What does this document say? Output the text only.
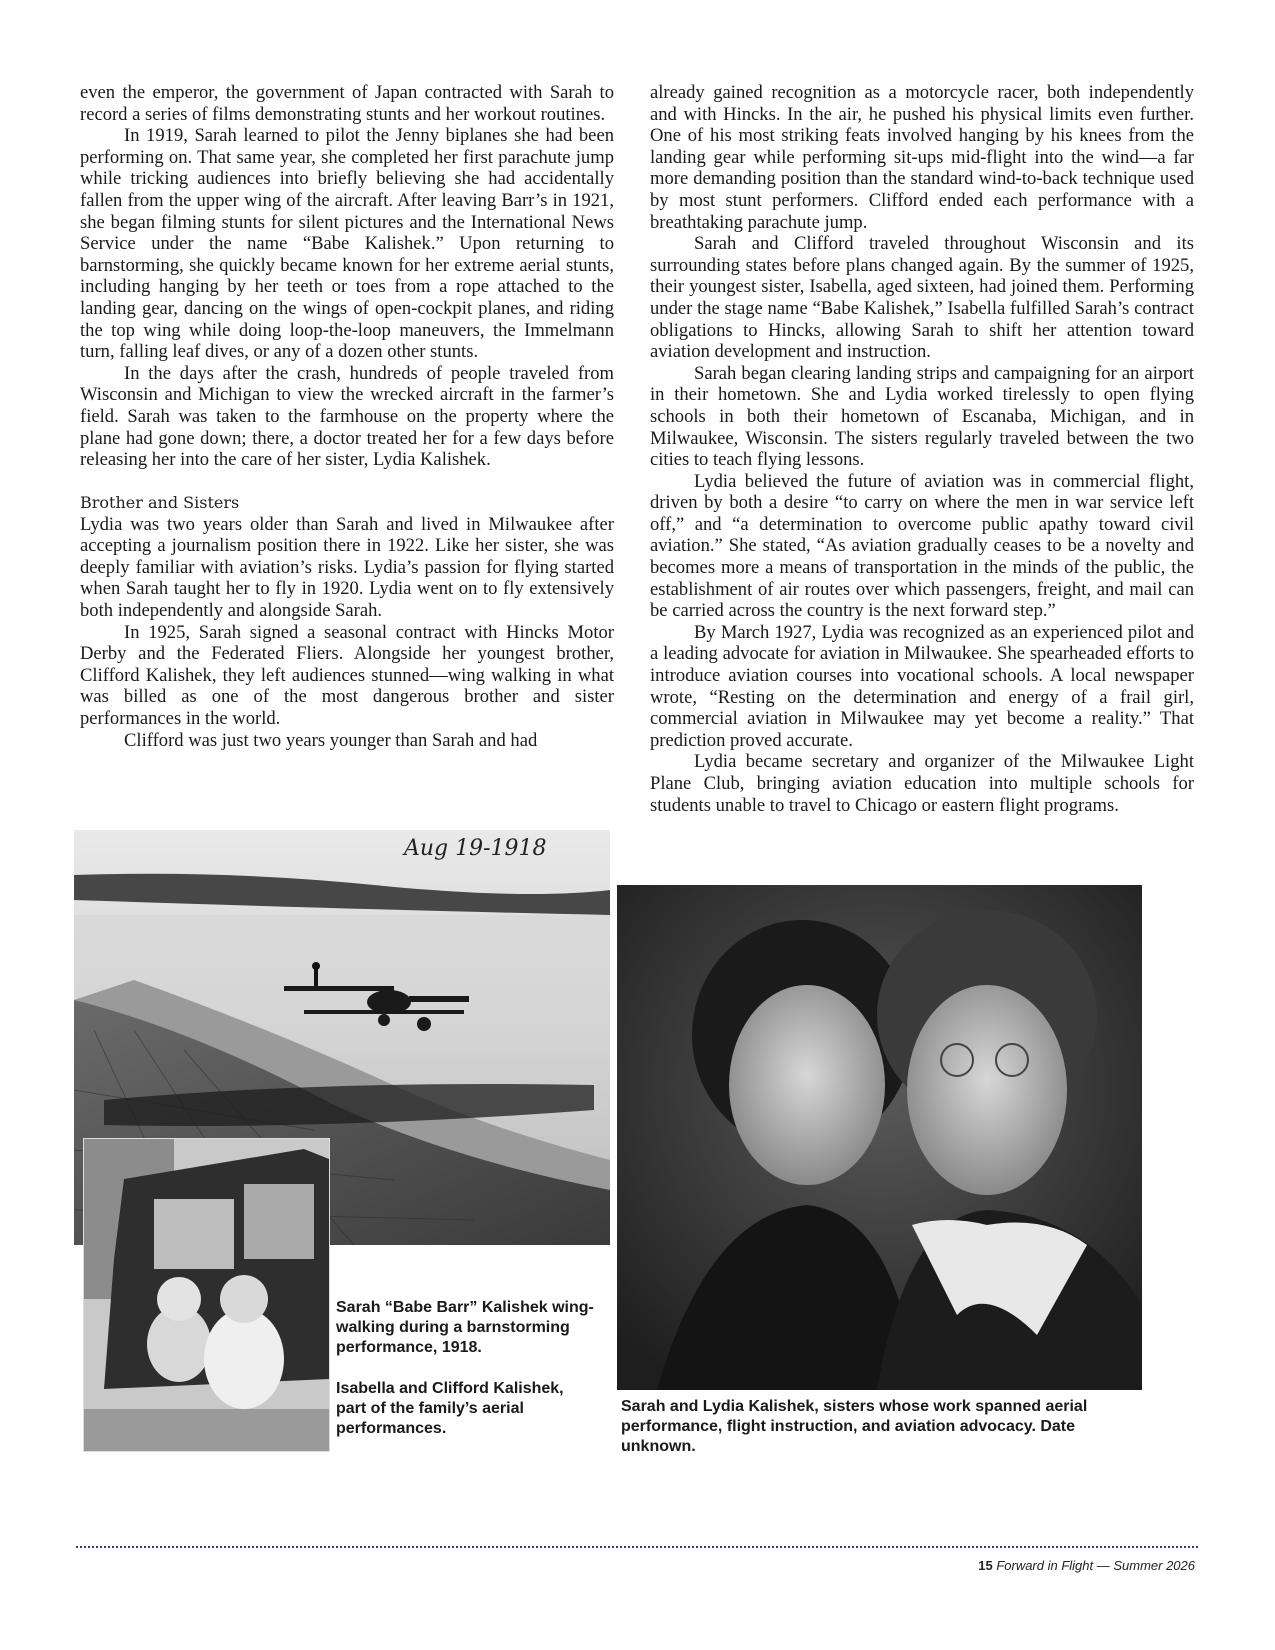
even the emperor, the government of Japan contracted with Sarah to record a series of films demonstrating stunts and her workout routines.

In 1919, Sarah learned to pilot the Jenny biplanes she had been performing on. That same year, she completed her first parachute jump while tricking audiences into briefly believing she had accidentally fallen from the upper wing of the aircraft. After leaving Barr’s in 1921, she began filming stunts for silent pictures and the International News Service under the name “Babe Kalishek.” Upon returning to barnstorming, she quickly became known for her extreme aerial stunts, including hanging by her teeth or toes from a rope attached to the landing gear, dancing on the wings of open-cockpit planes, and riding the top wing while doing loop-the-loop maneuvers, the Immelmann turn, falling leaf dives, or any of a dozen other stunts.

In the days after the crash, hundreds of people traveled from Wisconsin and Michigan to view the wrecked aircraft in the farmer’s field. Sarah was taken to the farmhouse on the property where the plane had gone down; there, a doctor treated her for a few days before releasing her into the care of her sister, Lydia Kalishek.

Brother and Sisters

Lydia was two years older than Sarah and lived in Milwaukee after accepting a journalism position there in 1922. Like her sister, she was deeply familiar with aviation’s risks. Lydia’s passion for flying started when Sarah taught her to fly in 1920. Lydia went on to fly extensively both independently and alongside Sarah.

In 1925, Sarah signed a seasonal contract with Hincks Motor Derby and the Federated Fliers. Alongside her youngest brother, Clifford Kalishek, they left audiences stunned—wing walking in what was billed as one of the most dangerous brother and sister performances in the world.

Clifford was just two years younger than Sarah and had

already gained recognition as a motorcycle racer, both independently and with Hincks. In the air, he pushed his physical limits even further. One of his most striking feats involved hanging by his knees from the landing gear while performing sit-ups mid-flight into the wind—a far more demanding position than the standard wind-to-back technique used by most stunt performers. Clifford ended each performance with a breathtaking parachute jump.

Sarah and Clifford traveled throughout Wisconsin and its surrounding states before plans changed again. By the summer of 1925, their youngest sister, Isabella, aged sixteen, had joined them. Performing under the stage name “Babe Kalishek,” Isabella fulfilled Sarah’s contract obligations to Hincks, allowing Sarah to shift her attention toward aviation development and instruction.

Sarah began clearing landing strips and campaigning for an airport in their hometown. She and Lydia worked tirelessly to open flying schools in both their hometown of Escanaba, Michigan, and in Milwaukee, Wisconsin. The sisters regularly traveled between the two cities to teach flying lessons.

Lydia believed the future of aviation was in commercial flight, driven by both a desire “to carry on where the men in war service left off,” and “a determination to overcome public apathy toward civil aviation.” She stated, “As aviation gradually ceases to be a novelty and becomes more a means of transportation in the minds of the public, the establishment of air routes over which passengers, freight, and mail can be carried across the country is the next forward step.”

By March 1927, Lydia was recognized as an experienced pilot and a leading advocate for aviation in Milwaukee. She spearheaded efforts to introduce aviation courses into vocational schools. A local newspaper wrote, “Resting on the determination and energy of a frail girl, commercial aviation in Milwaukee may yet become a reality.” That prediction proved accurate.

Lydia became secretary and organizer of the Milwaukee Light Plane Club, bringing aviation education into multiple schools for students unable to travel to Chicago or eastern flight programs.

Aug 19-1918
Sarah “Babe Barr” Kalishek wing-walking during a barnstorming performance, 1918.
Isabella and Clifford Kalishek, part of the family’s aerial performances.
Sarah and Lydia Kalishek, sisters whose work spanned aerial performance, flight instruction, and aviation advocacy. Date unknown.
15 Forward in Flight — Summer 2026
